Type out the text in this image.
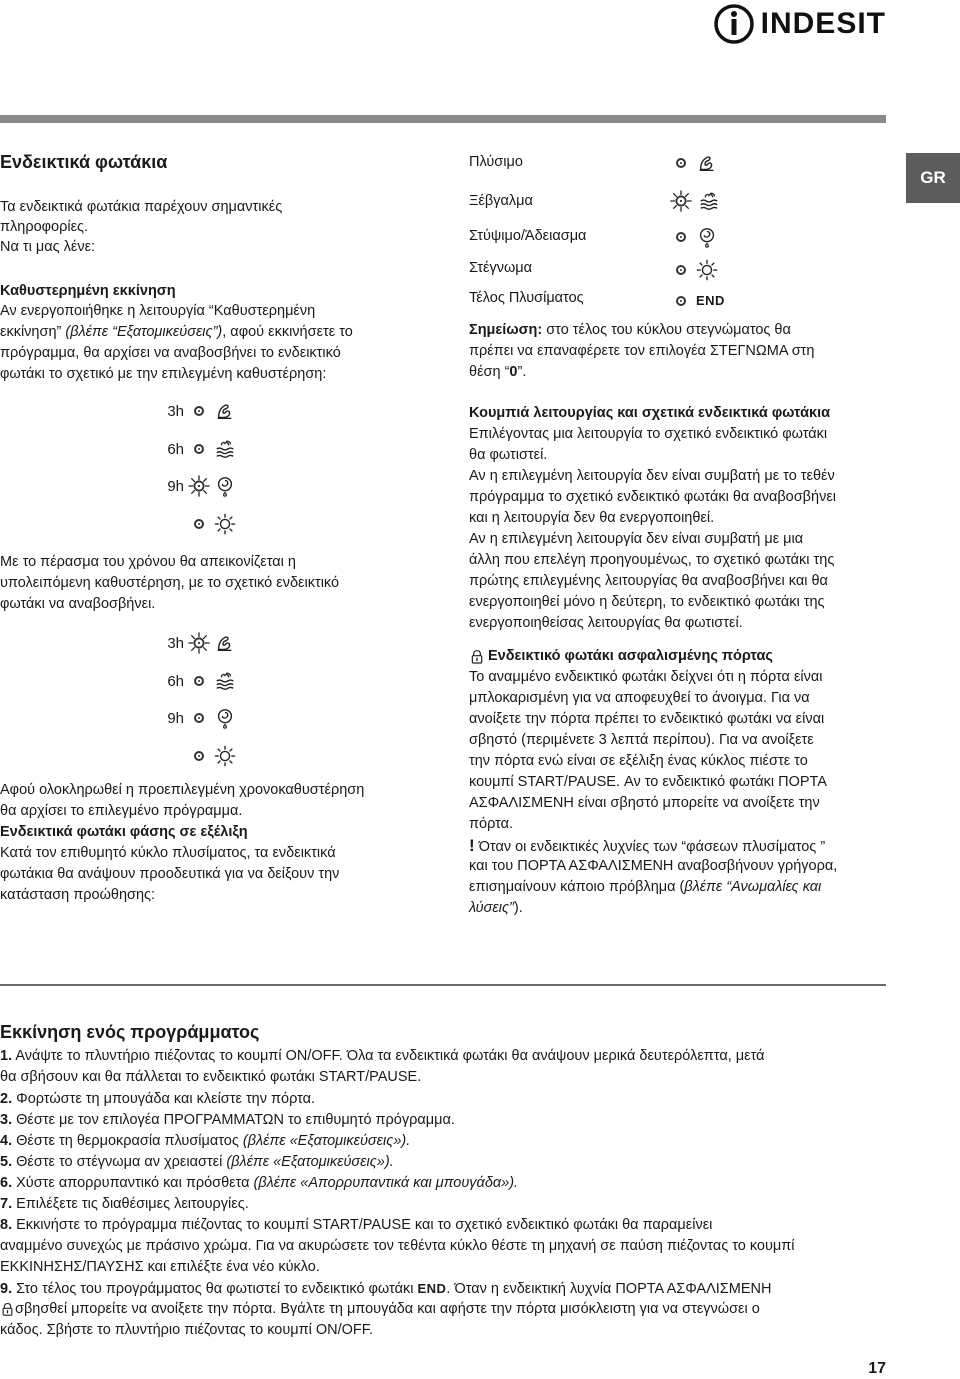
INDESIT
GR
Ενδεικτικά φωτάκια
Τα ενδεικτικά φωτάκια παρέχουν σημαντικές
πληροφορίες.
Να τι μας λένε:
Καθυστερημένη εκκίνηση
Αν ενεργοποιήθηκε η λειτουργία “Καθυστερημένη
εκκίνηση” (βλέπε “Εξατομικεύσεις”), αφού εκκινήσετε το
πρόγραμμα, θα αρχίσει να αναβοσβήνει το ενδεικτικό
φωτάκι το σχετικό με την επιλεγμένη καθυστέρηση:
3h
6h
9h
Με το πέρασμα του χρόνου θα απεικονίζεται η
υπολειπόμενη καθυστέρηση, με το σχετικό ενδεικτικό
φωτάκι να αναβοσβήνει.
3h
6h
9h
Αφού ολοκληρωθεί η προεπιλεγμένη χρονοκαθυστέρηση
θα αρχίσει το επιλεγμένο πρόγραμμα.
Ενδεικτικά φωτάκι φάσης σε εξέλιξη
Κατά τον επιθυμητό κύκλο πλυσίματος, τα ενδεικτικά
φωτάκια θα ανάψουν προοδευτικά για να δείξουν την
κατάσταση προώθησης:
Πλύσιμο
Ξέβγαλμα
Στύψιμο/Άδειασμα
Στέγνωμα
Τέλος Πλυσίματος	END
Σημείωση: στο τέλος του κύκλου στεγνώματος θα
πρέπει να επαναφέρετε τον επιλογέα ΣΤΕΓΝΩΜΑ στη
θέση “0”.
Κουμπιά λειτουργίας και σχετικά ενδεικτικά φωτάκια
Επιλέγοντας μια λειτουργία το σχετικό ενδεικτικό φωτάκι
θα φωτιστεί.
Αν η επιλεγμένη λειτουργία δεν είναι συμβατή με το τεθέν
πρόγραμμα το σχετικό ενδεικτικό φωτάκι θα αναβοσβήνει
και η λειτουργία δεν θα ενεργοποιηθεί.
Αν η επιλεγμένη λειτουργία δεν είναι συμβατή με μια
άλλη που επελέγη προηγουμένως, το σχετικό φωτάκι της
πρώτης επιλεγμένης λειτουργίας θα αναβοσβήνει και θα
ενεργοποιηθεί μόνο η δεύτερη, το ενδεικτικό φωτάκι της
ενεργοποιηθείσας λειτουργίας θα φωτιστεί.
Ενδεικτικό φωτάκι ασφαλισμένης πόρτας
Το αναμμένο ενδεικτικό φωτάκι δείχνει ότι η πόρτα είναι
μπλοκαρισμένη για να αποφευχθεί το άνοιγμα. Για να
ανοίξετε την πόρτα πρέπει το ενδεικτικό φωτάκι να είναι
σβηστό (περιμένετε 3 λεπτά περίπου). Για να ανοίξετε
την πόρτα ενώ είναι σε εξέλιξη ένας κύκλος πιέστε το
κουμπί START/PAUSE. Αν το ενδεικτικό φωτάκι ΠΟΡΤΑ
ΑΣΦΑΛΙΣΜΕΝΗ είναι σβηστό μπορείτε να ανοίξετε την
πόρτα.
! Όταν οι ενδεικτικές λυχνίες των “φάσεων πλυσίματος ”
και του ΠΟΡΤΑ ΑΣΦΑΛΙΣΜΕΝΗ αναβοσβήνουν γρήγορα,
επισημαίνουν κάποιο πρόβλημα (βλέπε “Ανωμαλίες και
λύσεις”).
Εκκίνηση ενός προγράμματος
1. Ανάψτε το πλυντήριο πιέζοντας το κουμπί ON/OFF. Όλα τα ενδεικτικά φωτάκι θα ανάψουν μερικά δευτερόλεπτα, μετά
θα σβήσουν και θα πάλλεται το ενδεικτικό φωτάκι START/PAUSE.
2. Φορτώστε τη μπουγάδα και κλείστε την πόρτα.
3. Θέστε με τον επιλογέα ΠΡΟΓΡΑΜΜΑΤΩΝ το επιθυμητό πρόγραμμα.
4. Θέστε τη θερμοκρασία πλυσίματος (βλέπε «Εξατομικεύσεις»).
5. Θέστε το στέγνωμα αν χρειαστεί (βλέπε «Εξατομικεύσεις»).
6. Χύστε απορρυπαντικό και πρόσθετα (βλέπε «Απορρυπαντικά και μπουγάδα»).
7. Επιλέξετε τις διαθέσιμες λειτουργίες.
8. Εκκινήστε το πρόγραμμα πιέζοντας το κουμπί START/PAUSE και το σχετικό ενδεικτικό φωτάκι θα παραμείνει
αναμμένο συνεχώς με πράσινο χρώμα. Για να ακυρώσετε τον τεθέντα κύκλο θέστε τη μηχανή σε παύση πιέζοντας το κουμπί
ΕΚΚΙΝΗΣΗΣ/ΠΑΥΣΗΣ και επιλέξτε ένα νέο κύκλο.
9. Στο τέλος του προγράμματος θα φωτιστεί το ενδεικτικό φωτάκι END. Όταν η ενδεικτική λυχνία ΠΟΡΤΑ ΑΣΦΑΛΙΣΜΕΝΗ
σβησθεί μπορείτε να ανοίξετε την πόρτα. Βγάλτε τη μπουγάδα και αφήστε την πόρτα μισόκλειστη για να στεγνώσει ο
κάδος. Σβήστε το πλυντήριο πιέζοντας το κουμπί ON/OFF.
17
